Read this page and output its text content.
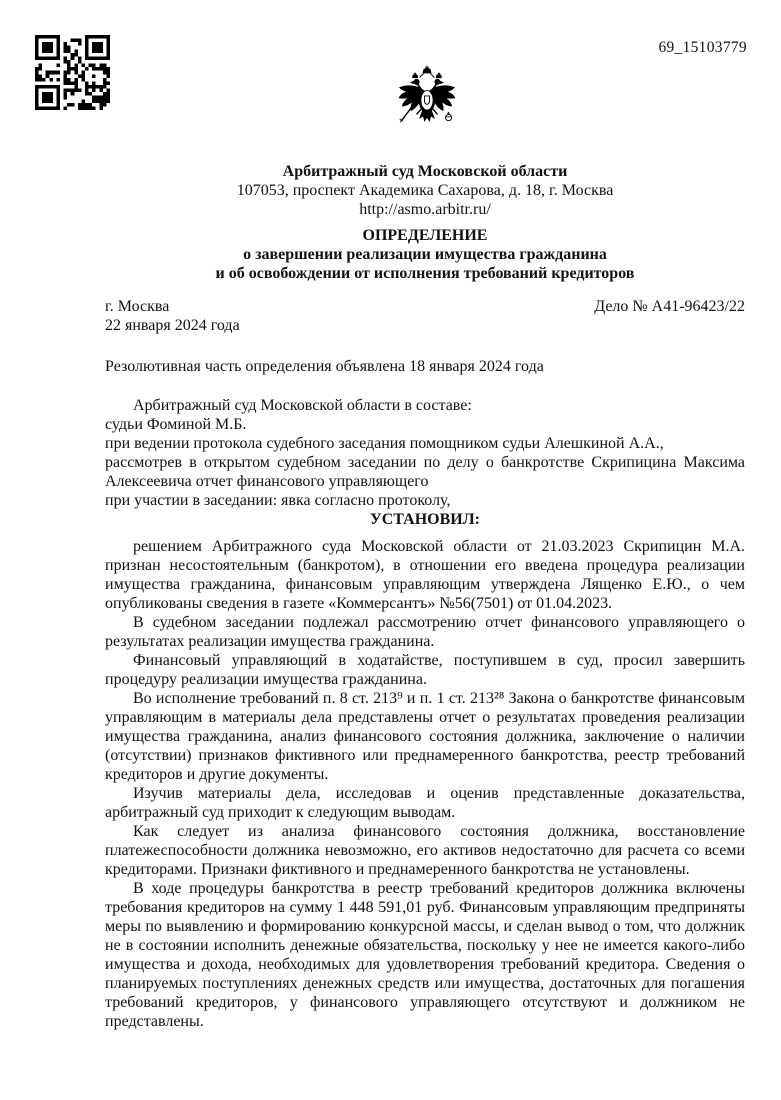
69_15103779
Арбитражный суд Московской области
107053, проспект Академика Сахарова, д. 18, г. Москва
http://asmo.arbitr.ru/
ОПРЕДЕЛЕНИЕ
о завершении реализации имущества гражданина
и об освобождении от исполнения требований кредиторов
г. Москва	Дело № А41-96423/22
22 января 2024 года

Резолютивная часть определения объявлена 18 января 2024 года

Арбитражный суд Московской области в составе:

судьи Фоминой М.Б.

при ведении протокола судебного заседания помощником судьи Алешкиной А.А.,

рассмотрев в открытом судебном заседании по делу о банкротстве Скрипицина Максима Алексеевича отчет финансового управляющего

при участии в заседании: явка согласно протоколу,

УСТАНОВИЛ:

решением Арбитражного суда Московской области от 21.03.2023 Скрипицин М.А. признан несостоятельным (банкротом), в отношении его введена процедура реализации имущества гражданина, финансовым управляющим утверждена Лященко Е.Ю., о чем опубликованы сведения в газете «Коммерсантъ» №56(7501) от 01.04.2023.

В судебном заседании подлежал рассмотрению отчет финансового управляющего о результатах реализации имущества гражданина.

Финансовый управляющий в ходатайстве, поступившем в суд, просил завершить процедуру реализации имущества гражданина.

Во исполнение требований п. 8 ст. 213⁹ и п. 1 ст. 213²⁸ Закона о банкротстве финансовым управляющим в материалы дела представлены отчет о результатах проведения реализации имущества гражданина, анализ финансового состояния должника, заключение о наличии (отсутствии) признаков фиктивного или преднамеренного банкротства, реестр требований кредиторов и другие документы.

Изучив материалы дела, исследовав и оценив представленные доказательства, арбитражный суд приходит к следующим выводам.

Как следует из анализа финансового состояния должника, восстановление платежеспособности должника невозможно, его активов недостаточно для расчета со всеми кредиторами. Признаки фиктивного и преднамеренного банкротства не установлены.

В ходе процедуры банкротства в реестр требований кредиторов должника включены требования кредиторов на сумму 1 448 591,01 руб. Финансовым управляющим предприняты меры по выявлению и формированию конкурсной массы, и сделан вывод о том, что должник не в состоянии исполнить денежные обязательства, поскольку у нее не имеется какого-либо имущества и дохода, необходимых для удовлетворения требований кредитора. Сведения о планируемых поступлениях денежных средств или имущества, достаточных для погашения требований кредиторов, у финансового управляющего отсутствуют и должником не представлены.
